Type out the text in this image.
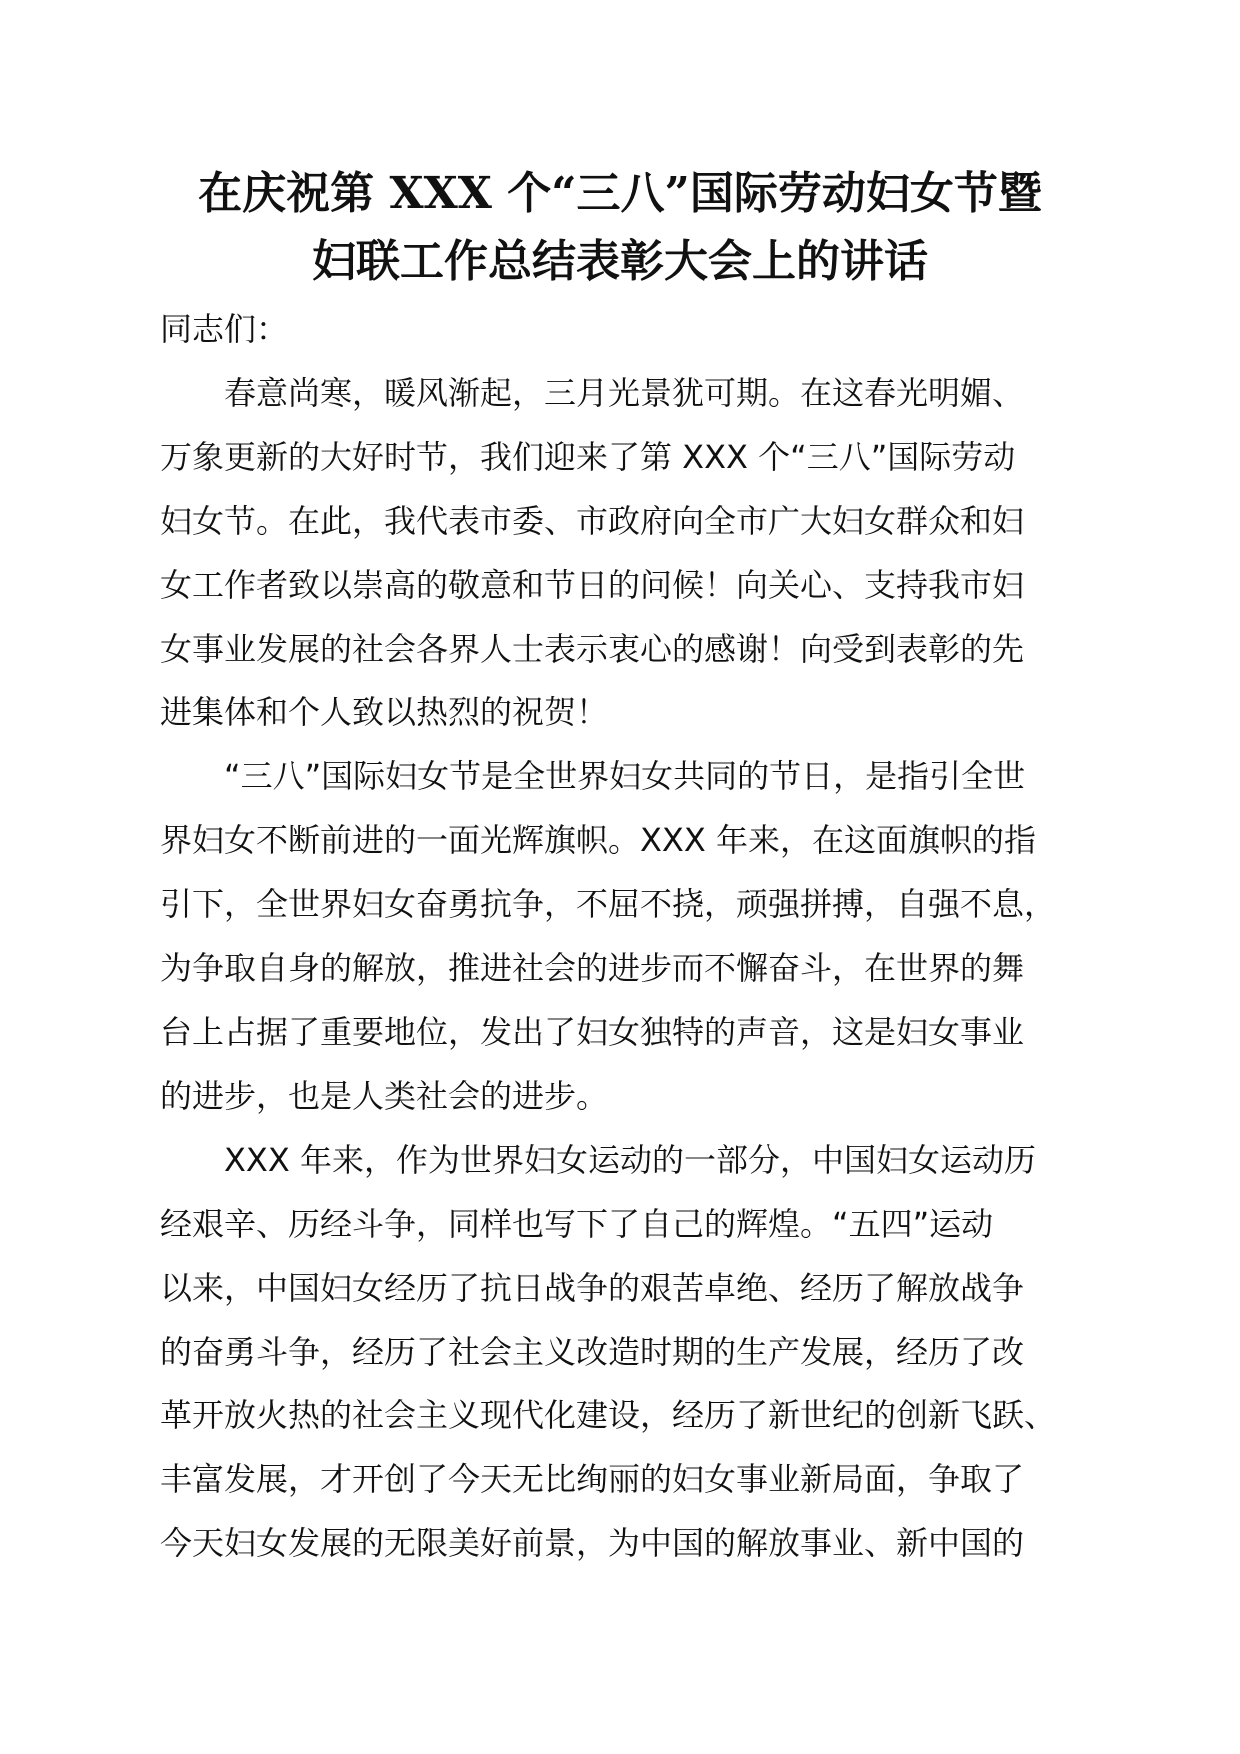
在庆祝第 XXX 个“三八”国际劳动妇女节暨
妇联工作总结表彰大会上的讲话

同志们：

春意尚寒，暖风渐起，三月光景犹可期。在这春光明媚、
万象更新的大好时节，我们迎来了第 XXX 个“三八”国际劳动
妇女节。在此，我代表市委、市政府向全市广大妇女群众和妇
女工作者致以崇高的敬意和节日的问候！向关心、支持我市妇
女事业发展的社会各界人士表示衷心的感谢！向受到表彰的先
进集体和个人致以热烈的祝贺！

“三八”国际妇女节是全世界妇女共同的节日，是指引全世
界妇女不断前进的一面光辉旗帜。XXX 年来，在这面旗帜的指
引下，全世界妇女奋勇抗争，不屈不挠，顽强拼搏，自强不息，
为争取自身的解放，推进社会的进步而不懈奋斗，在世界的舞
台上占据了重要地位，发出了妇女独特的声音，这是妇女事业
的进步，也是人类社会的进步。

XXX 年来，作为世界妇女运动的一部分，中国妇女运动历
经艰辛、历经斗争，同样也写下了自己的辉煌。“五四”运动
以来，中国妇女经历了抗日战争的艰苦卓绝、经历了解放战争
的奋勇斗争，经历了社会主义改造时期的生产发展，经历了改
革开放火热的社会主义现代化建设，经历了新世纪的创新飞跃、
丰富发展，才开创了今天无比绚丽的妇女事业新局面，争取了
今天妇女发展的无限美好前景，为中国的解放事业、新中国的
